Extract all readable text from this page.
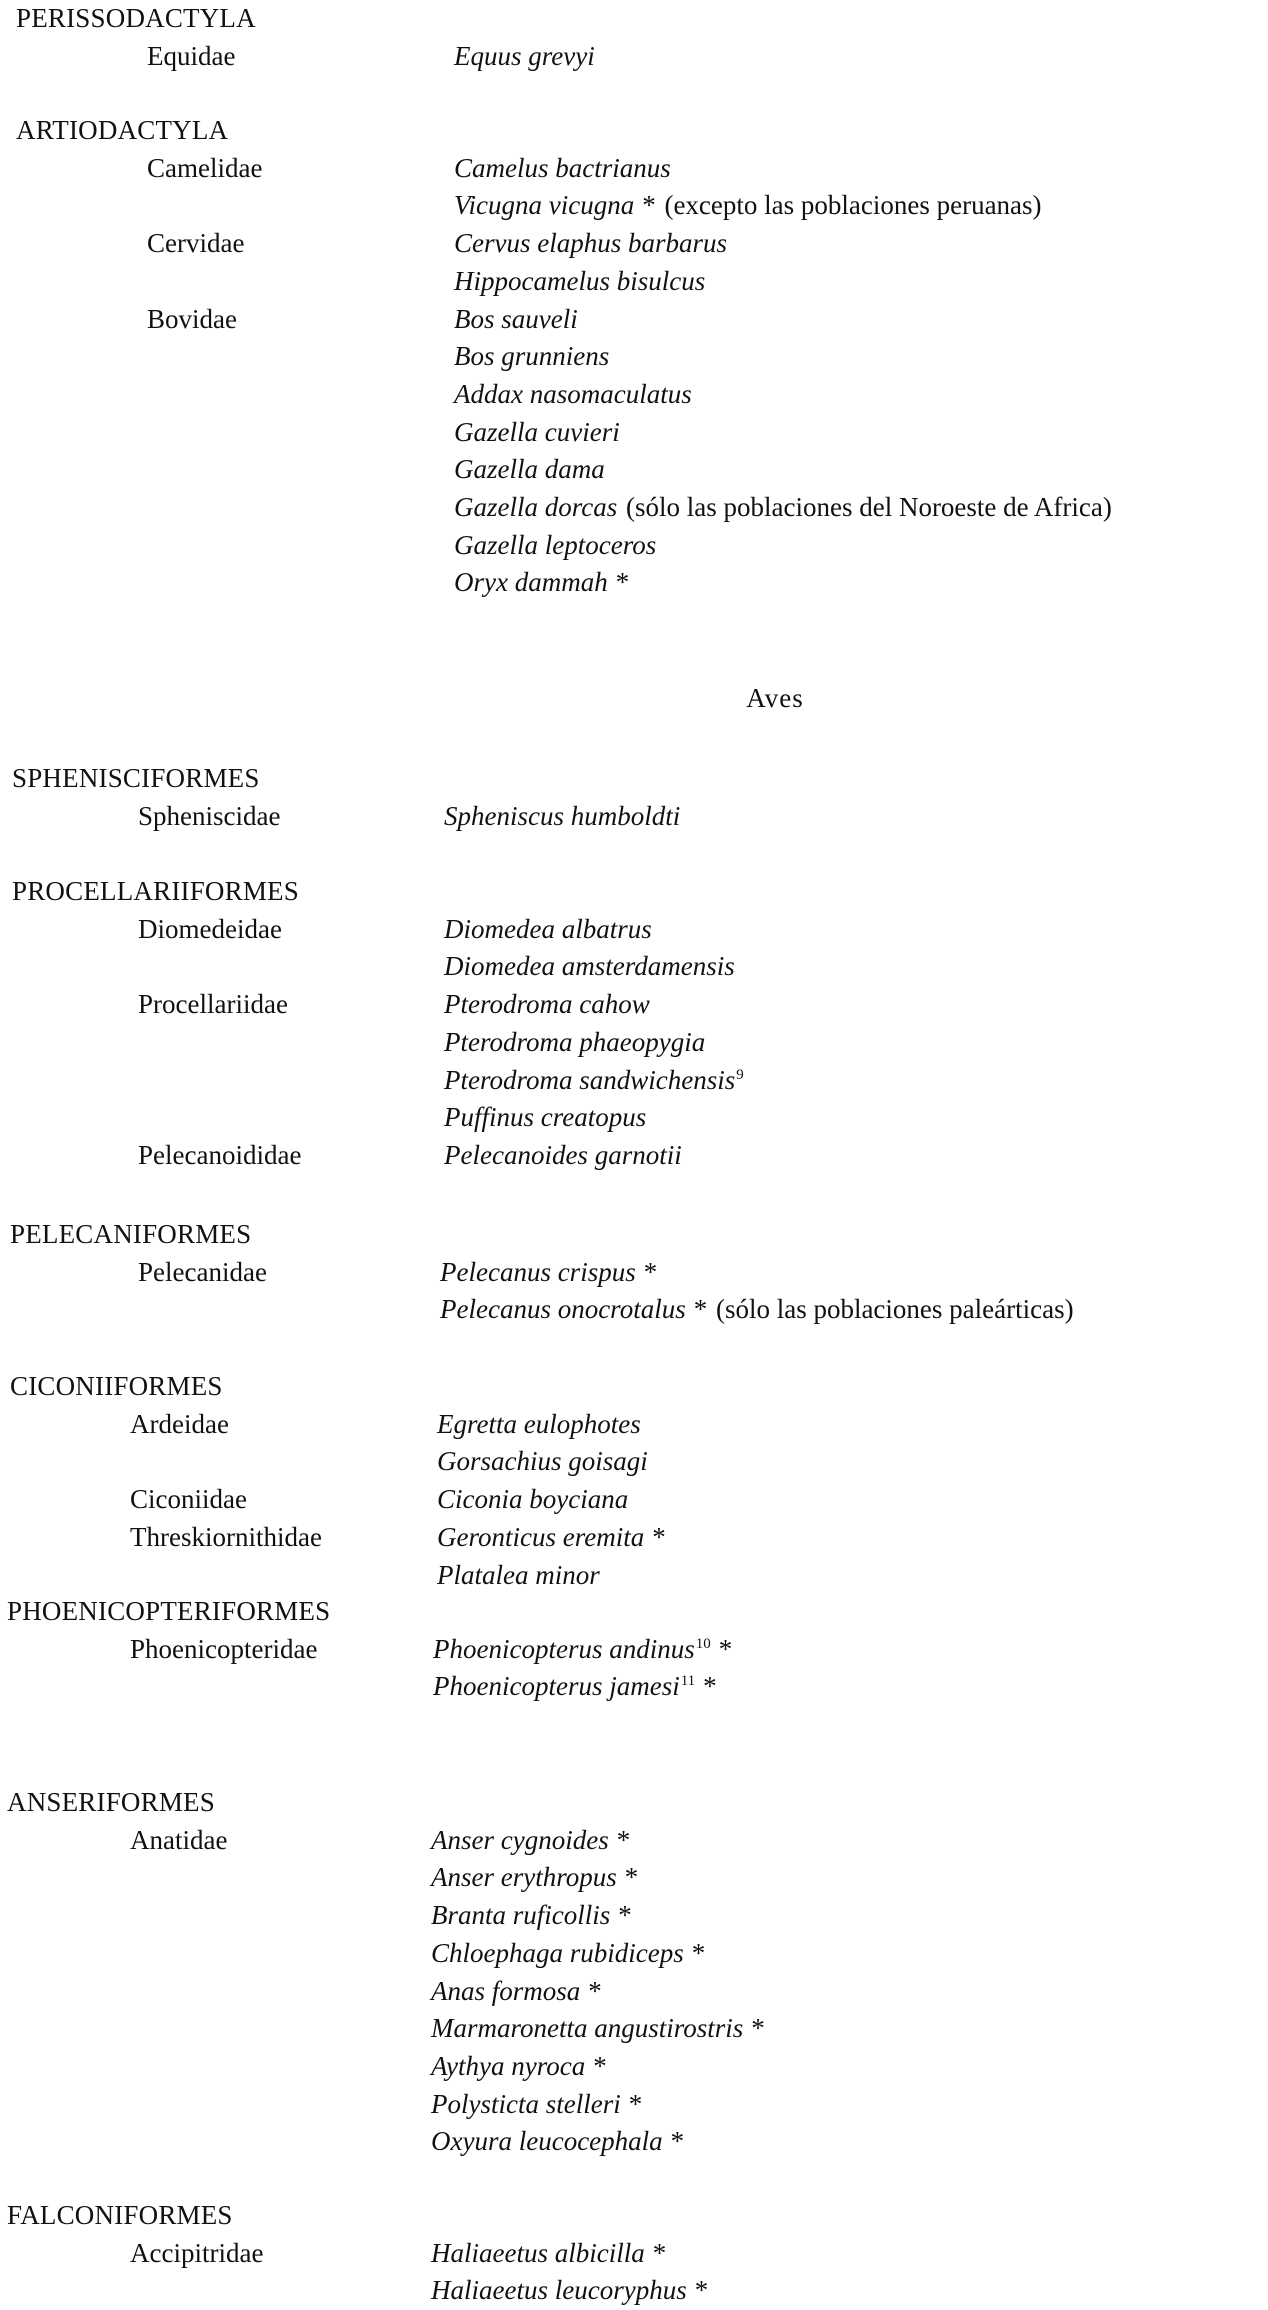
Aves
PERISSODACTYLA
Equidae	Equus grevyi
ARTIODACTYLA
Camelidae	Camelus bactrianus
Vicugna vicugna * (excepto las poblaciones peruanas)
Cervidae	Cervus elaphus barbarus
Hippocamelus bisulcus
Bovidae	Bos sauveli
Bos grunniens
Addax nasomaculatus
Gazella cuvieri
Gazella dama
Gazella dorcas (sólo las poblaciones del Noroeste de Africa)
Gazella leptoceros
Oryx dammah *
SPHENISCIFORMES
Spheniscidae	Spheniscus humboldti
PROCELLARIIFORMES
Diomedeidae	Diomedea albatrus
Diomedea amsterdamensis
Procellariidae	Pterodroma cahow
Pterodroma phaeopygia
Pterodroma sandwichensis$^9$
Puffinus creatopus
Pelecanoididae	Pelecanoides garnotii
PELECANIFORMES
Pelecanidae	Pelecanus crispus *
Pelecanus onocrotalus * (sólo las poblaciones paleárticas)
CICONIIFORMES
Ardeidae	Egretta eulophotes
Gorsachius goisagi
Ciconiidae	Ciconia boyciana
Threskiornithidae	Geronticus eremita *
Platalea minor
PHOENICOPTERIFORMES
Phoenicopteridae	Phoenicopterus andinus$^{10}$ *
Phoenicopterus jamesi$^{11}$ *
ANSERIFORMES
Anatidae	Anser cygnoides *
Anser erythropus *
Branta ruficollis *
Chloephaga rubidiceps *
Anas formosa *
Marmaronetta angustirostris *
Aythya nyroca *
Polysticta stelleri *
Oxyura leucocephala *
FALCONIFORMES
Accipitridae	Haliaeetus albicilla *
Haliaeetus leucoryphus *
